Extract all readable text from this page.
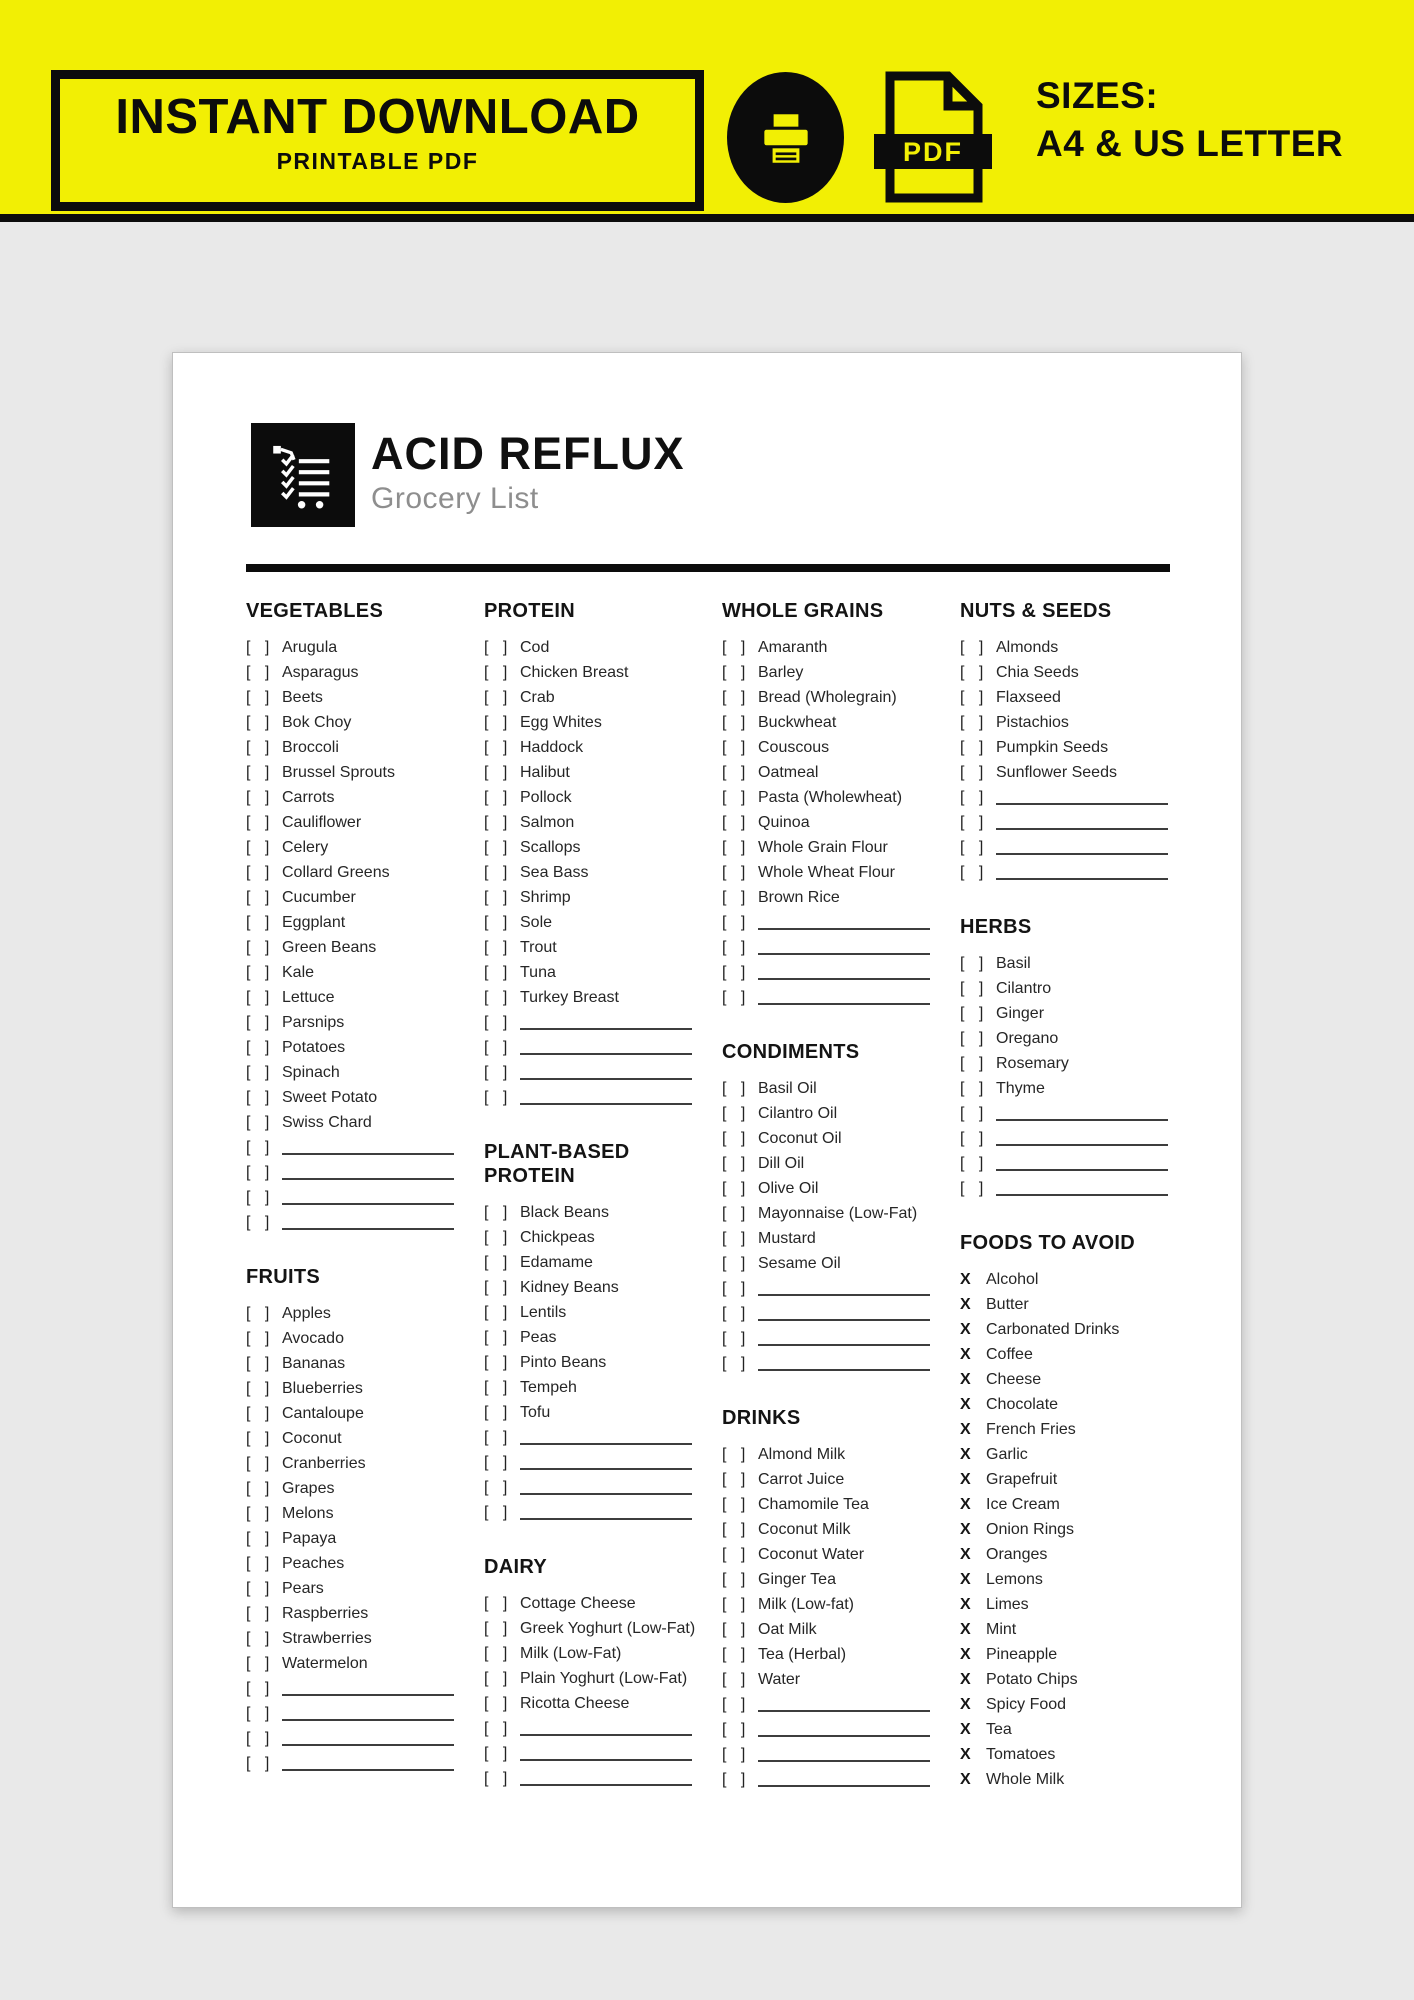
INSTANT DOWNLOAD
PRINTABLE PDF	PDF
SIZES:
A4 & US LETTER
ACID REFLUX
Grocery List
VEGETABLES
[ ] Arugula
[ ] Asparagus
[ ] Beets
[ ] Bok Choy
[ ] Broccoli
[ ] Brussel Sprouts
[ ] Carrots
[ ] Cauliflower
[ ] Celery
[ ] Collard Greens
[ ] Cucumber
[ ] Eggplant
[ ] Green Beans
[ ] Kale
[ ] Lettuce
[ ] Parsnips
[ ] Potatoes
[ ] Spinach
[ ] Sweet Potato
[ ] Swiss Chard
[ ]
[ ]
[ ]
[ ]
FRUITS
[ ] Apples
[ ] Avocado
[ ] Bananas
[ ] Blueberries
[ ] Cantaloupe
[ ] Coconut
[ ] Cranberries
[ ] Grapes
[ ] Melons
[ ] Papaya
[ ] Peaches
[ ] Pears
[ ] Raspberries
[ ] Strawberries
[ ] Watermelon
[ ]
[ ]
[ ]
[ ]
PROTEIN
[ ] Cod
[ ] Chicken Breast
[ ] Crab
[ ] Egg Whites
[ ] Haddock
[ ] Halibut
[ ] Pollock
[ ] Salmon
[ ] Scallops
[ ] Sea Bass
[ ] Shrimp
[ ] Sole
[ ] Trout
[ ] Tuna
[ ] Turkey Breast
[ ]
[ ]
[ ]
[ ]
PLANT-BASED PROTEIN
[ ] Black Beans
[ ] Chickpeas
[ ] Edamame
[ ] Kidney Beans
[ ] Lentils
[ ] Peas
[ ] Pinto Beans
[ ] Tempeh
[ ] Tofu
[ ]
[ ]
[ ]
[ ]
DAIRY
[ ] Cottage Cheese
[ ] Greek Yoghurt (Low-Fat)
[ ] Milk (Low-Fat)
[ ] Plain Yoghurt (Low-Fat)
[ ] Ricotta Cheese
[ ]
[ ]
[ ]
WHOLE GRAINS
[ ] Amaranth
[ ] Barley
[ ] Bread (Wholegrain)
[ ] Buckwheat
[ ] Couscous
[ ] Oatmeal
[ ] Pasta (Wholewheat)
[ ] Quinoa
[ ] Whole Grain Flour
[ ] Whole Wheat Flour
[ ] Brown Rice
[ ]
[ ]
[ ]
[ ]
CONDIMENTS
[ ] Basil Oil
[ ] Cilantro Oil
[ ] Coconut Oil
[ ] Dill Oil
[ ] Olive Oil
[ ] Mayonnaise (Low-Fat)
[ ] Mustard
[ ] Sesame Oil
[ ]
[ ]
[ ]
[ ]
DRINKS
[ ] Almond Milk
[ ] Carrot Juice
[ ] Chamomile Tea
[ ] Coconut Milk
[ ] Coconut Water
[ ] Ginger Tea
[ ] Milk (Low-fat)
[ ] Oat Milk
[ ] Tea (Herbal)
[ ] Water
[ ]
[ ]
[ ]
[ ]
NUTS & SEEDS
[ ] Almonds
[ ] Chia Seeds
[ ] Flaxseed
[ ] Pistachios
[ ] Pumpkin Seeds
[ ] Sunflower Seeds
[ ]
[ ]
[ ]
[ ]
HERBS
[ ] Basil
[ ] Cilantro
[ ] Ginger
[ ] Oregano
[ ] Rosemary
[ ] Thyme
[ ]
[ ]
[ ]
[ ]
FOODS TO AVOID
X Alcohol
X Butter
X Carbonated Drinks
X Coffee
X Cheese
X Chocolate
X French Fries
X Garlic
X Grapefruit
X Ice Cream
X Onion Rings
X Oranges
X Lemons
X Limes
X Mint
X Pineapple
X Potato Chips
X Spicy Food
X Tea
X Tomatoes
X Whole Milk
